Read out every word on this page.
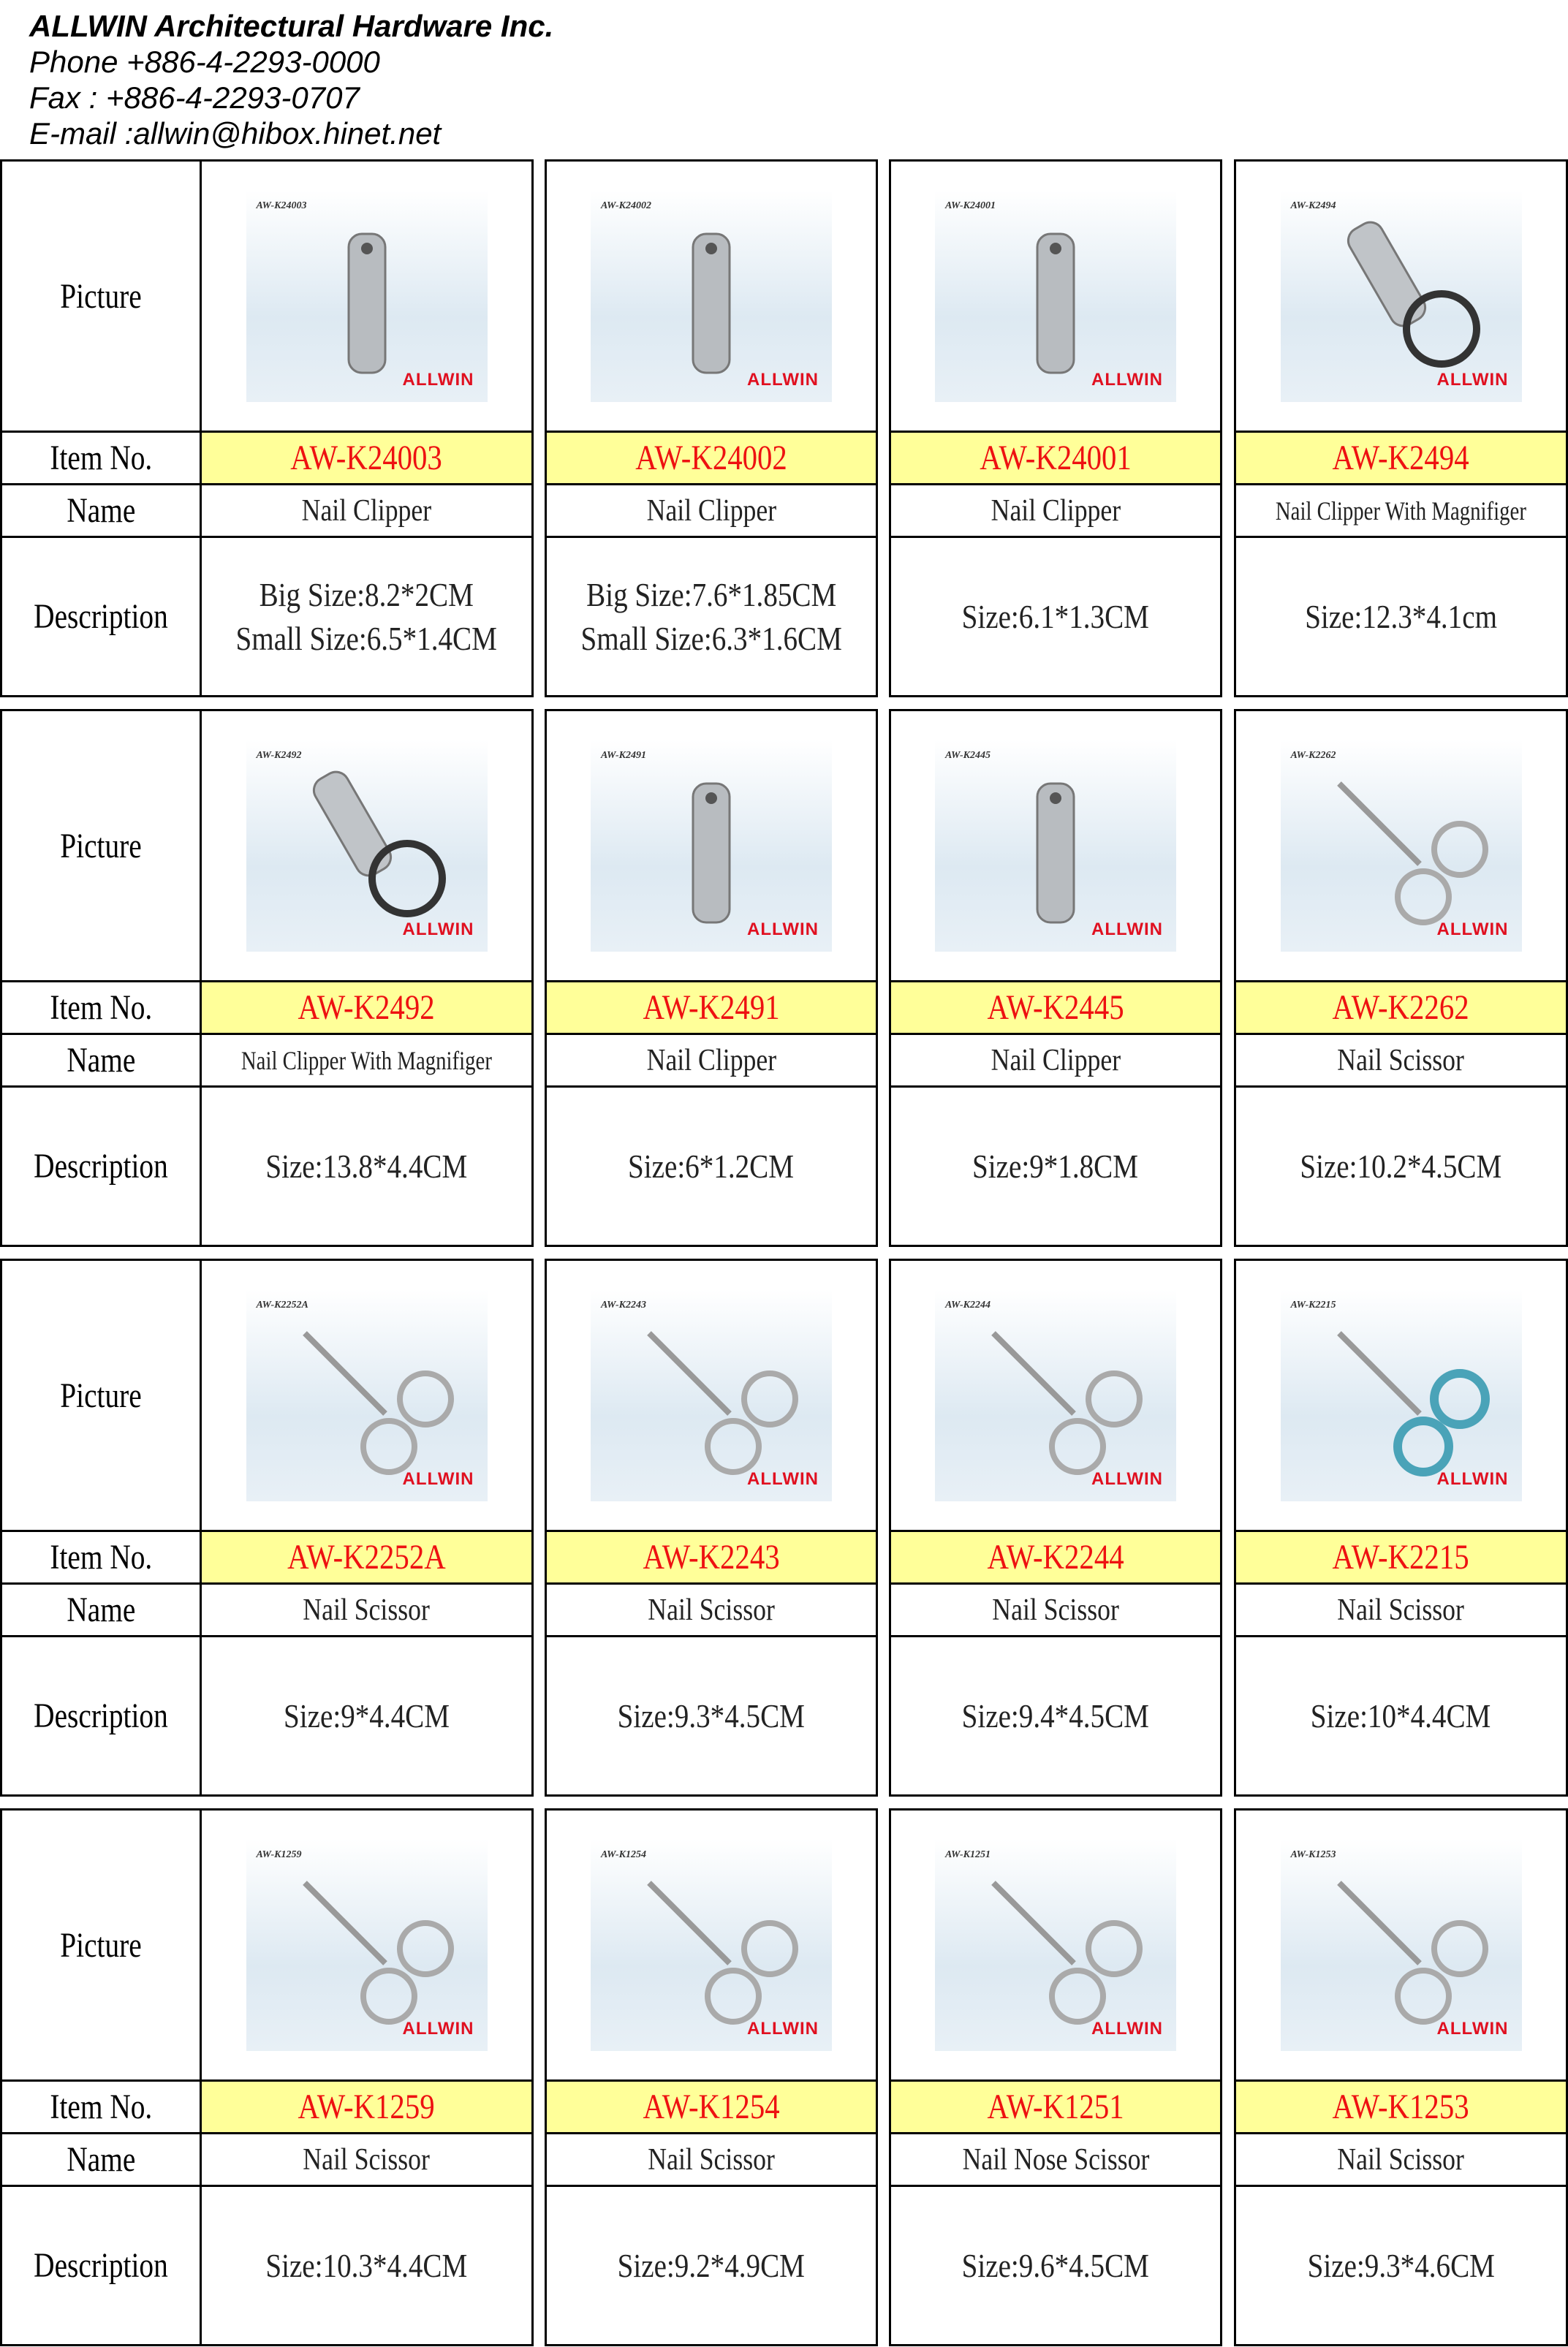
ALLWIN Architectural Hardware Inc.
Phone +886-4-2293-0000
Fax : +886-4-2293-0707
E-mail :allwin@hibox.hinet.net
Picture
Item No.
Name
Description
AW-K24003
ALLWIN
AW-K24003
Nail Clipper
Big Size:8.2*2CM
Small Size:6.5*1.4CM
AW-K24002
ALLWIN
AW-K24002
Nail Clipper
Big Size:7.6*1.85CM
Small Size:6.3*1.6CM
AW-K24001
ALLWIN
AW-K24001
Nail Clipper
Size:6.1*1.3CM
AW-K2494
ALLWIN
AW-K2494
Nail Clipper With Magnifiger
Size:12.3*4.1cm
Picture
Item No.
Name
Description
AW-K2492
ALLWIN
AW-K2492
Nail Clipper With Magnifiger
Size:13.8*4.4CM
AW-K2491
ALLWIN
AW-K2491
Nail Clipper
Size:6*1.2CM
AW-K2445
ALLWIN
AW-K2445
Nail Clipper
Size:9*1.8CM
AW-K2262
ALLWIN
AW-K2262
Nail Scissor
Size:10.2*4.5CM
Picture
Item No.
Name
Description
AW-K2252A
ALLWIN
AW-K2252A
Nail Scissor
Size:9*4.4CM
AW-K2243
ALLWIN
AW-K2243
Nail Scissor
Size:9.3*4.5CM
AW-K2244
ALLWIN
AW-K2244
Nail Scissor
Size:9.4*4.5CM
AW-K2215
ALLWIN
AW-K2215
Nail Scissor
Size:10*4.4CM
Picture
Item No.
Name
Description
AW-K1259
ALLWIN
AW-K1259
Nail Scissor
Size:10.3*4.4CM
AW-K1254
ALLWIN
AW-K1254
Nail Scissor
Size:9.2*4.9CM
AW-K1251
ALLWIN
AW-K1251
Nail Nose Scissor
Size:9.6*4.5CM
AW-K1253
ALLWIN
AW-K1253
Nail Scissor
Size:9.3*4.6CM
